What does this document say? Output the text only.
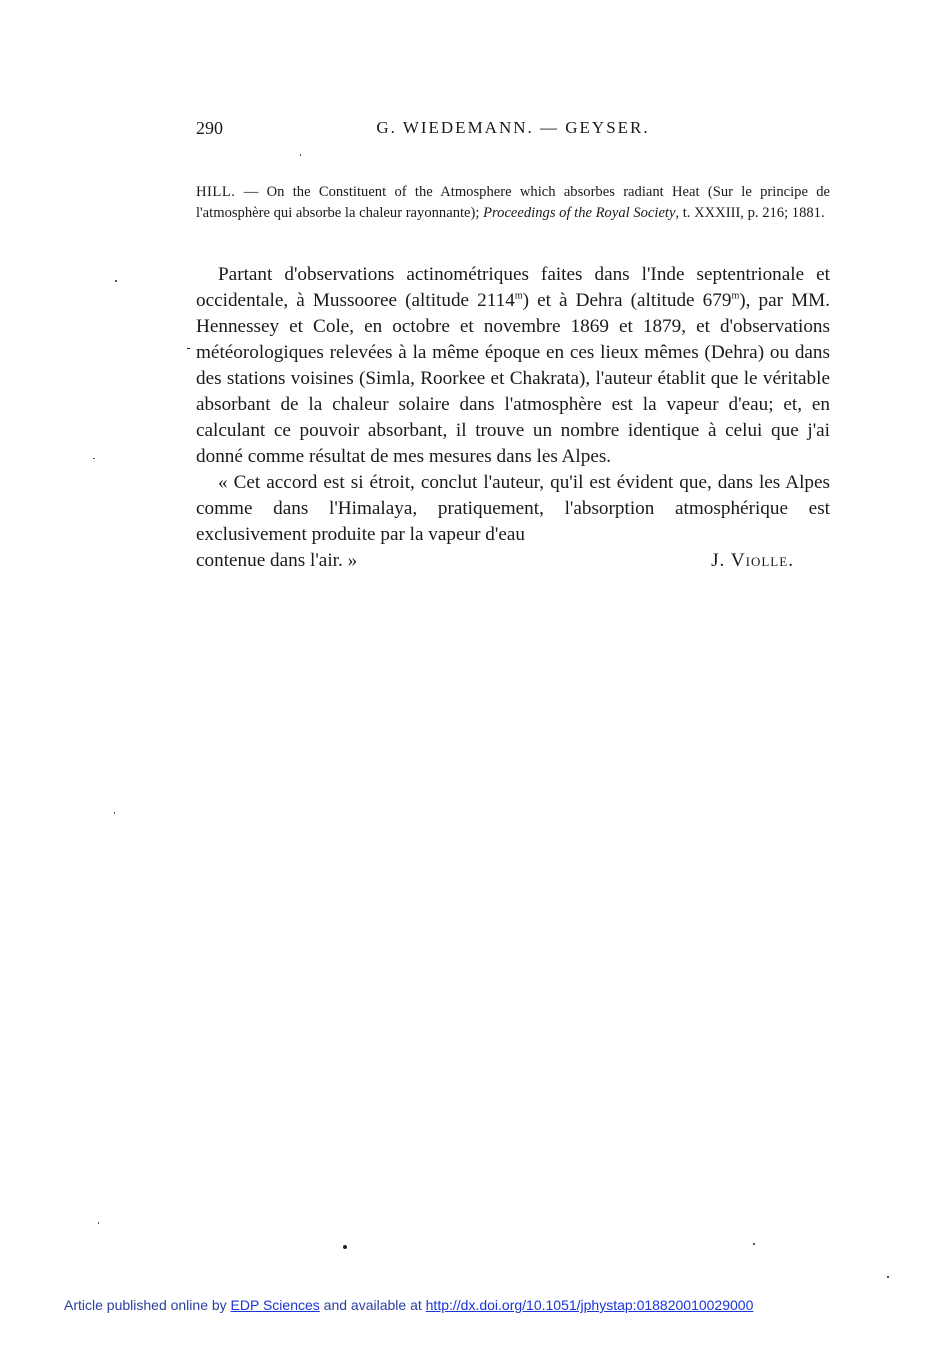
290	G. WIEDEMANN. — GEYSER.
HILL. — On the Constituent of the Atmosphere which absorbes radiant Heat (Sur le principe de l'atmosphère qui absorbe la chaleur rayonnante); Proceedings of the Royal Society, t. XXXIII, p. 216; 1881.

Partant d'observations actinométriques faites dans l'Inde septentrionale et occidentale, à Mussooree (altitude 2114$^m$) et à Dehra (altitude 679$^m$), par MM. Hennessey et Cole, en octobre et novembre 1869 et 1879, et d'observations météorologiques relevées à la même époque en ces lieux mêmes (Dehra) ou dans des stations voisines (Simla, Roorkee et Chakrata), l'auteur établit que le véritable absorbant de la chaleur solaire dans l'atmosphère est la vapeur d'eau; et, en calculant ce pouvoir absorbant, il trouve un nombre identique à celui que j'ai donné comme résultat de mes mesures dans les Alpes.

« Cet accord est si étroit, conclut l'auteur, qu'il est évident que, dans les Alpes comme dans l'Himalaya, pratiquement, l'absorption atmosphérique est exclusivement produite par la vapeur d'eau

contenue dans l'air. »	J. Violle.
Article published online by EDP Sciences and available at http://dx.doi.org/10.1051/jphystap:018820010029000
